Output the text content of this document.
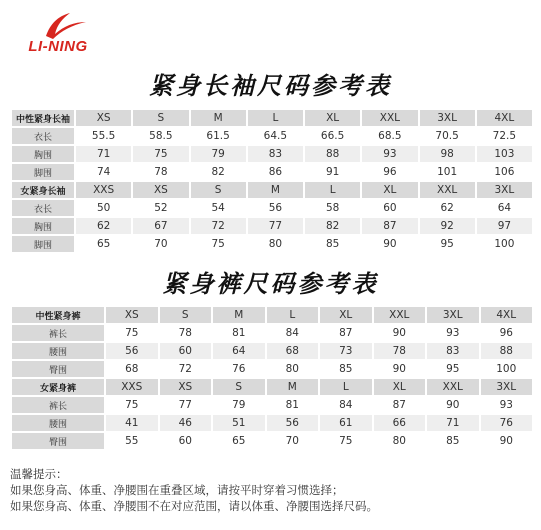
LI-NING
紧身长袖尺码参考表
中性紧身长袖	XS	S	M	L	XL	XXL	3XL	4XL
衣长	55.5	58.5	61.5	64.5	66.5	68.5	70.5	72.5
胸围	71	75	79	83	88	93	98	103
脚围	74	78	82	86	91	96	101	106
女紧身长袖	XXS	XS	S	M	L	XL	XXL	3XL
衣长	50	52	54	56	58	60	62	64
胸围	62	67	72	77	82	87	92	97
脚围	65	70	75	80	85	90	95	100
紧身裤尺码参考表
中性紧身裤	XS	S	M	L	XL	XXL	3XL	4XL
裤长	75	78	81	84	87	90	93	96
腰围	56	60	64	68	73	78	83	88
臀围	68	72	76	80	85	90	95	100
女紧身裤	XXS	XS	S	M	L	XL	XXL	3XL
裤长	75	77	79	81	84	87	90	93
腰围	41	46	51	56	61	66	71	76
臀围	55	60	65	70	75	80	85	90
温馨提示：
如果您身高、体重、净腰围在重叠区域，请按平时穿着习惯选择；
如果您身高、体重、净腰围不在对应范围，请以体重、净腰围选择尺码。
